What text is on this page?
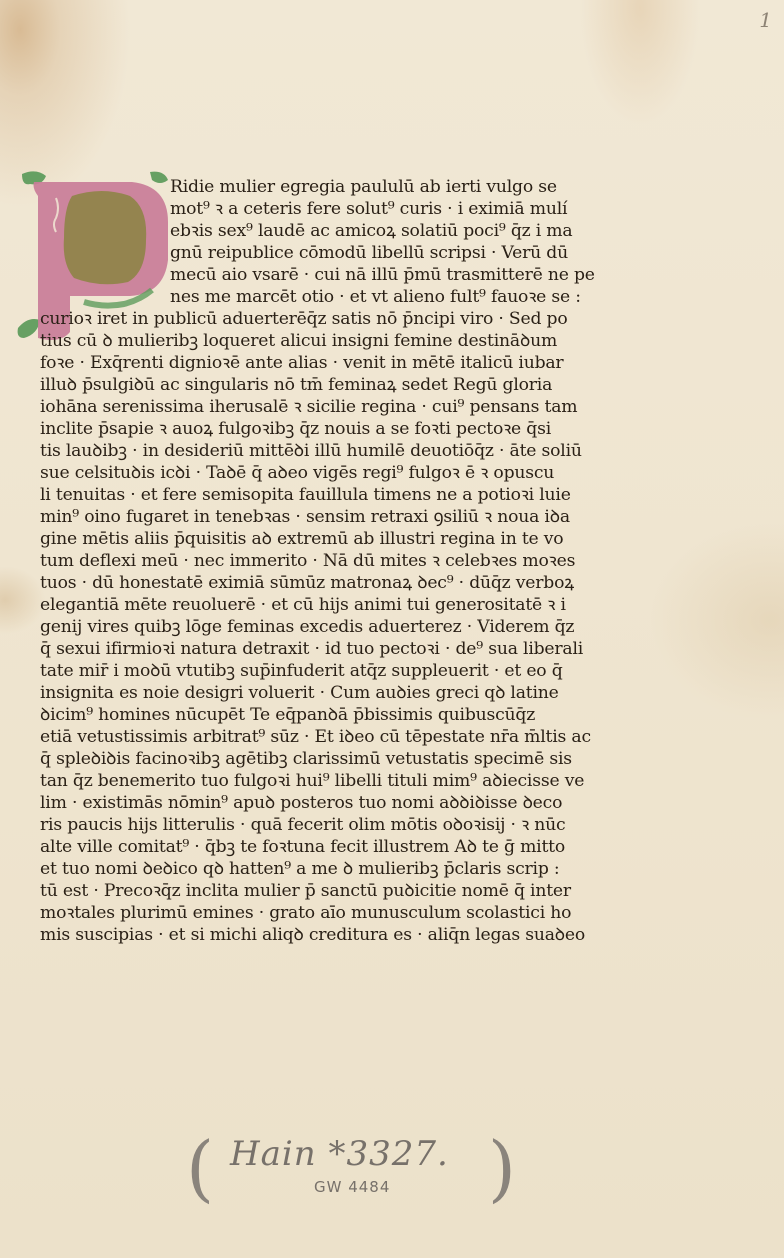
1
Ridie mulier egregia paululū ab ierti vulgo se
mot⁹ ꝛ a ceteris fere solut⁹ curis · i eximiā mulí
ebꝛis sex⁹ laudē ac amicoꝝ solatiū poci⁹ q̄z i ma
gnū reipublice cōmodū libellū scripsi · Verū dū
mecū aio vsarē · cui nā illū p̄mū trasmitterē ne pe
nes me marcēt otio · et vt alieno fult⁹ fauoꝛe se :
curioꝛ iret in publicū aduerterēq̄z satis nō p̄ncipi viro · Sed po
tius cū ꝺ mulieribꝫ loqueret alicui insigni femine destināꝺum
foꝛe · Exq̄renti dignioꝛē ante alias · venit in mētē italicū iubar
illuꝺ p̄sulgiꝺū ac singularis nō tm̄ feminaꝝ sedet Regū gloria
iohāna serenissima iherusalē ꝛ sicilie regina · cui⁹ pensans tam
inclite p̄sapie ꝛ auoꝝ fulgoꝛibꝫ q̄z nouis a se foꝛti pectoꝛe q̄si
tis lauꝺibꝫ · in desideriū mittēꝺi illū humilē deuotiōq̄z · āte soliū
sue celsituꝺis icꝺi · Taꝺē q̄ aꝺeo vigēs regi⁹ fulgoꝛ ē ꝛ opuscu
li tenuitas · et fere semisopita fauillula timens ne a potioꝛi luie
min⁹ oino fugaret in tenebꝛas · sensim retraxi ꝯsiliū ꝛ noua iꝺa
gine mētis aliis p̄quisitis aꝺ extremū ab illustri regina in te vo
tum deflexi meū · nec immerito · Nā dū mites ꝛ celebꝛes moꝛes
tuos · dū honestatē eximiā sūmūz matronaꝝ ꝺec⁹ · dūq̄z verboꝝ
elegantiā mēte reuoluerē · et cū hijs animi tui generositatē ꝛ i
genij vires quibꝫ lōge feminas excedis aduerterez · Viderem q̄z
q̄ sexui ifirmioꝛi natura detraxit · id tuo pectoꝛi · de⁹ sua liberali
tate mir̄ i moꝺū vtutibꝫ sup̄infuderit atq̄z suppleuerit · et eo q̄
insignita es noie desigri voluerit · Cum auꝺies greci qꝺ latine
ꝺicim⁹ homines nūcupēt Te eq̄panꝺā p̄bissimis quibuscūq̄z
etiā vetustissimis arbitrat⁹ sūz · Et iꝺeo cū tēpestate nr̄a m̄ltis ac
q̄ spleꝺiꝺis facinoꝛibꝫ agētibꝫ clarissimū vetustatis specimē sis
tan q̄z benemerito tuo fulgoꝛi hui⁹ libelli tituli mim⁹ aꝺiecisse ve
lim · existimās nōmin⁹ apuꝺ posteros tuo nomi aꝺꝺiꝺisse ꝺeco
ris paucis hijs litterulis · quā fecerit olim mōtis oꝺoꝛisij · ꝛ nūc
alte ville comitat⁹ · q̄bꝫ te foꝛtuna fecit illustrem Aꝺ te ḡ mitto
et tuo nomi ꝺeꝺico qꝺ hatten⁹ a me ꝺ mulieribꝫ p̄claris scrip :
tū est · Precoꝛq̄z inclita mulier p̄ sanctū puꝺicitie nomē q̄ inter
moꝛtales plurimū emines · grato aīo munusculum scolastici ho
mis suscipias · et si michi aliqꝺ creditura es · aliq̄n legas suaꝺeo
( Hain *3327.
GW 4484 )
